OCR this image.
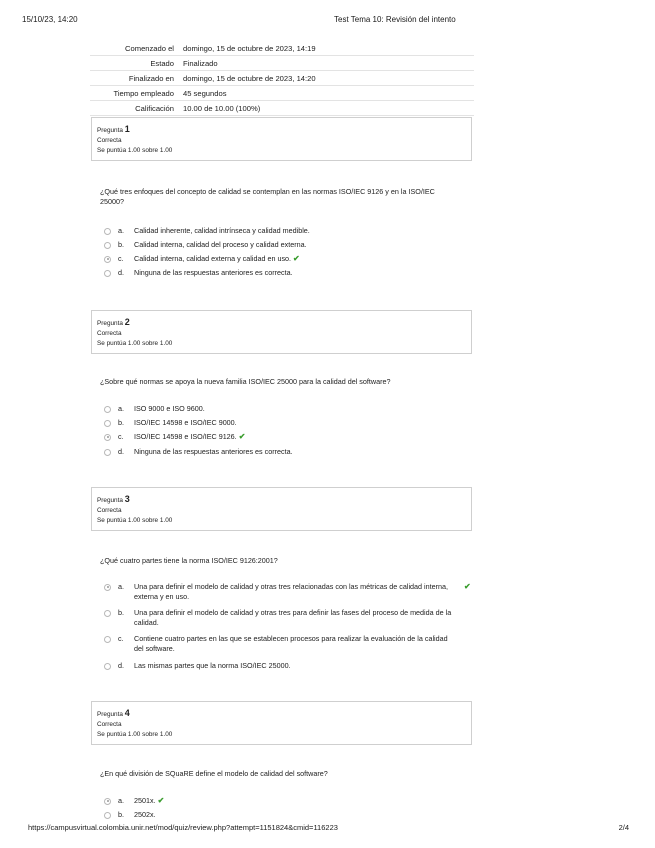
15/10/23, 14:20	Test Tema 10: Revisión del intento
Comenzado el	domingo, 15 de octubre de 2023, 14:19
Estado	Finalizado
Finalizado en	domingo, 15 de octubre de 2023, 14:20
Tiempo empleado	45 segundos
Calificación	10.00 de 10.00 (100%)
Pregunta 1
Correcta
Se puntúa 1.00 sobre 1.00
¿Qué tres enfoques del concepto de calidad se contemplan en las normas ISO/IEC 9126 y en la ISO/IEC 25000?
a.	Calidad inherente, calidad intrínseca y calidad medible.
b.	Calidad interna, calidad del proceso y calidad externa.
c.	Calidad interna, calidad externa y calidad en uso. ✔
d.	Ninguna de las respuestas anteriores es correcta.
Pregunta 2
Correcta
Se puntúa 1.00 sobre 1.00
¿Sobre qué normas se apoya la nueva familia ISO/IEC 25000 para la calidad del software?
a.	ISO 9000 e ISO 9600.
b.	ISO/IEC 14598 e ISO/IEC 9000.
c.	ISO/IEC 14598 e ISO/IEC 9126. ✔
d.	Ninguna de las respuestas anteriores es correcta.
Pregunta 3
Correcta
Se puntúa 1.00 sobre 1.00
¿Qué cuatro partes tiene la norma ISO/IEC 9126:2001?
a.	Una para definir el modelo de calidad y otras tres relacionadas con las métricas de calidad interna, externa y en uso.
✔
b.	Una para definir el modelo de calidad y otras tres para definir las fases del proceso de medida de la calidad.
c.	Contiene cuatro partes en las que se establecen procesos para realizar la evaluación de la calidad del software.
d.	Las mismas partes que la norma ISO/IEC 25000.
Pregunta 4
Correcta
Se puntúa 1.00 sobre 1.00
¿En qué división de SQuaRE define el modelo de calidad del software?
a.	2501x. ✔
b.	2502x.
https://campusvirtual.colombia.unir.net/mod/quiz/review.php?attempt=1151824&cmid=116223	2/4
